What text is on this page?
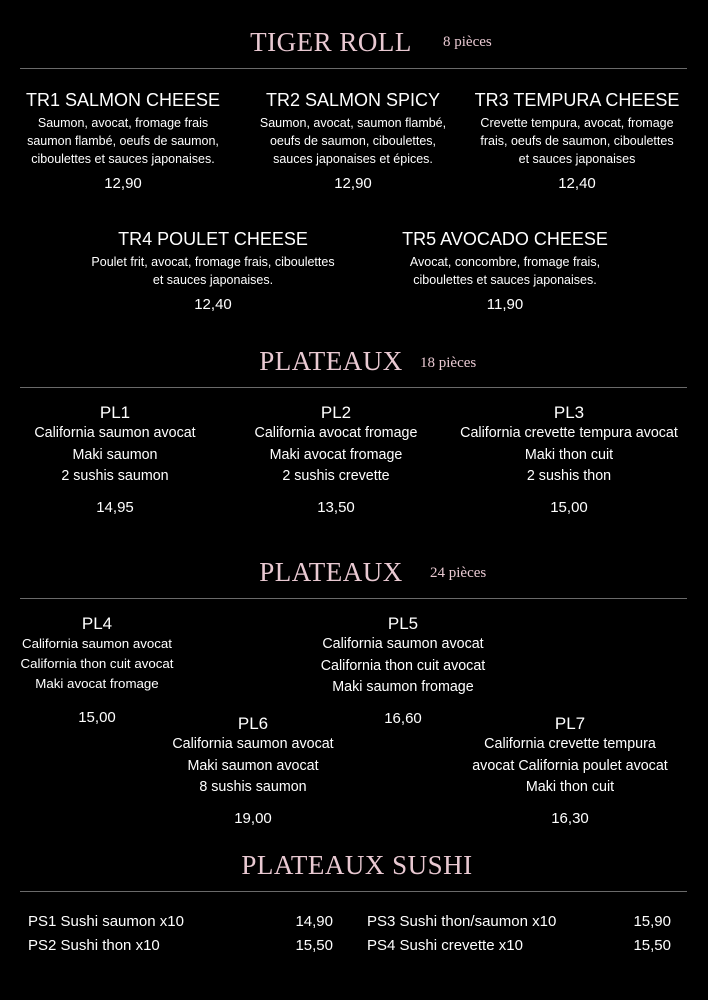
TIGER ROLL 8 pièces
TR1 SALMON CHEESE
Saumon, avocat, fromage frais
saumon flambé, oeufs de saumon,
ciboulettes et sauces japonaises.
12,90
TR2 SALMON SPICY
Saumon, avocat, saumon flambé,
oeufs de saumon, ciboulettes,
sauces japonaises et épices.
12,90
TR3 TEMPURA CHEESE
Crevette tempura, avocat, fromage
frais, oeufs de saumon, ciboulettes
et sauces japonaises
12,40
TR4 POULET CHEESE
Poulet frit, avocat, fromage frais, ciboulettes
et sauces japonaises.
12,40
TR5 AVOCADO CHEESE
Avocat, concombre, fromage frais,
ciboulettes et sauces japonaises.
11,90
PLATEAUX 18 pièces
PL1
California saumon avocat
Maki saumon
2 sushis saumon
14,95
PL2
California avocat fromage
Maki avocat fromage
2 sushis crevette
13,50
PL3
California crevette tempura avocat
Maki thon cuit
2 sushis thon
15,00
PLATEAUX 24 pièces
PL4
California saumon avocat
California thon cuit avocat
Maki avocat fromage
15,00
PL5
California saumon avocat
California thon cuit avocat
Maki saumon fromage
16,60
PL6
California saumon avocat
Maki saumon avocat
8 sushis saumon
19,00
PL7
California crevette tempura
avocat California poulet avocat
Maki thon cuit
16,30
PLATEAUX SUSHI
PS1 Sushi saumon x10	14,90
PS2 Sushi thon x10	15,50
PS3 Sushi thon/saumon x10	15,90
PS4 Sushi crevette x10	15,50
